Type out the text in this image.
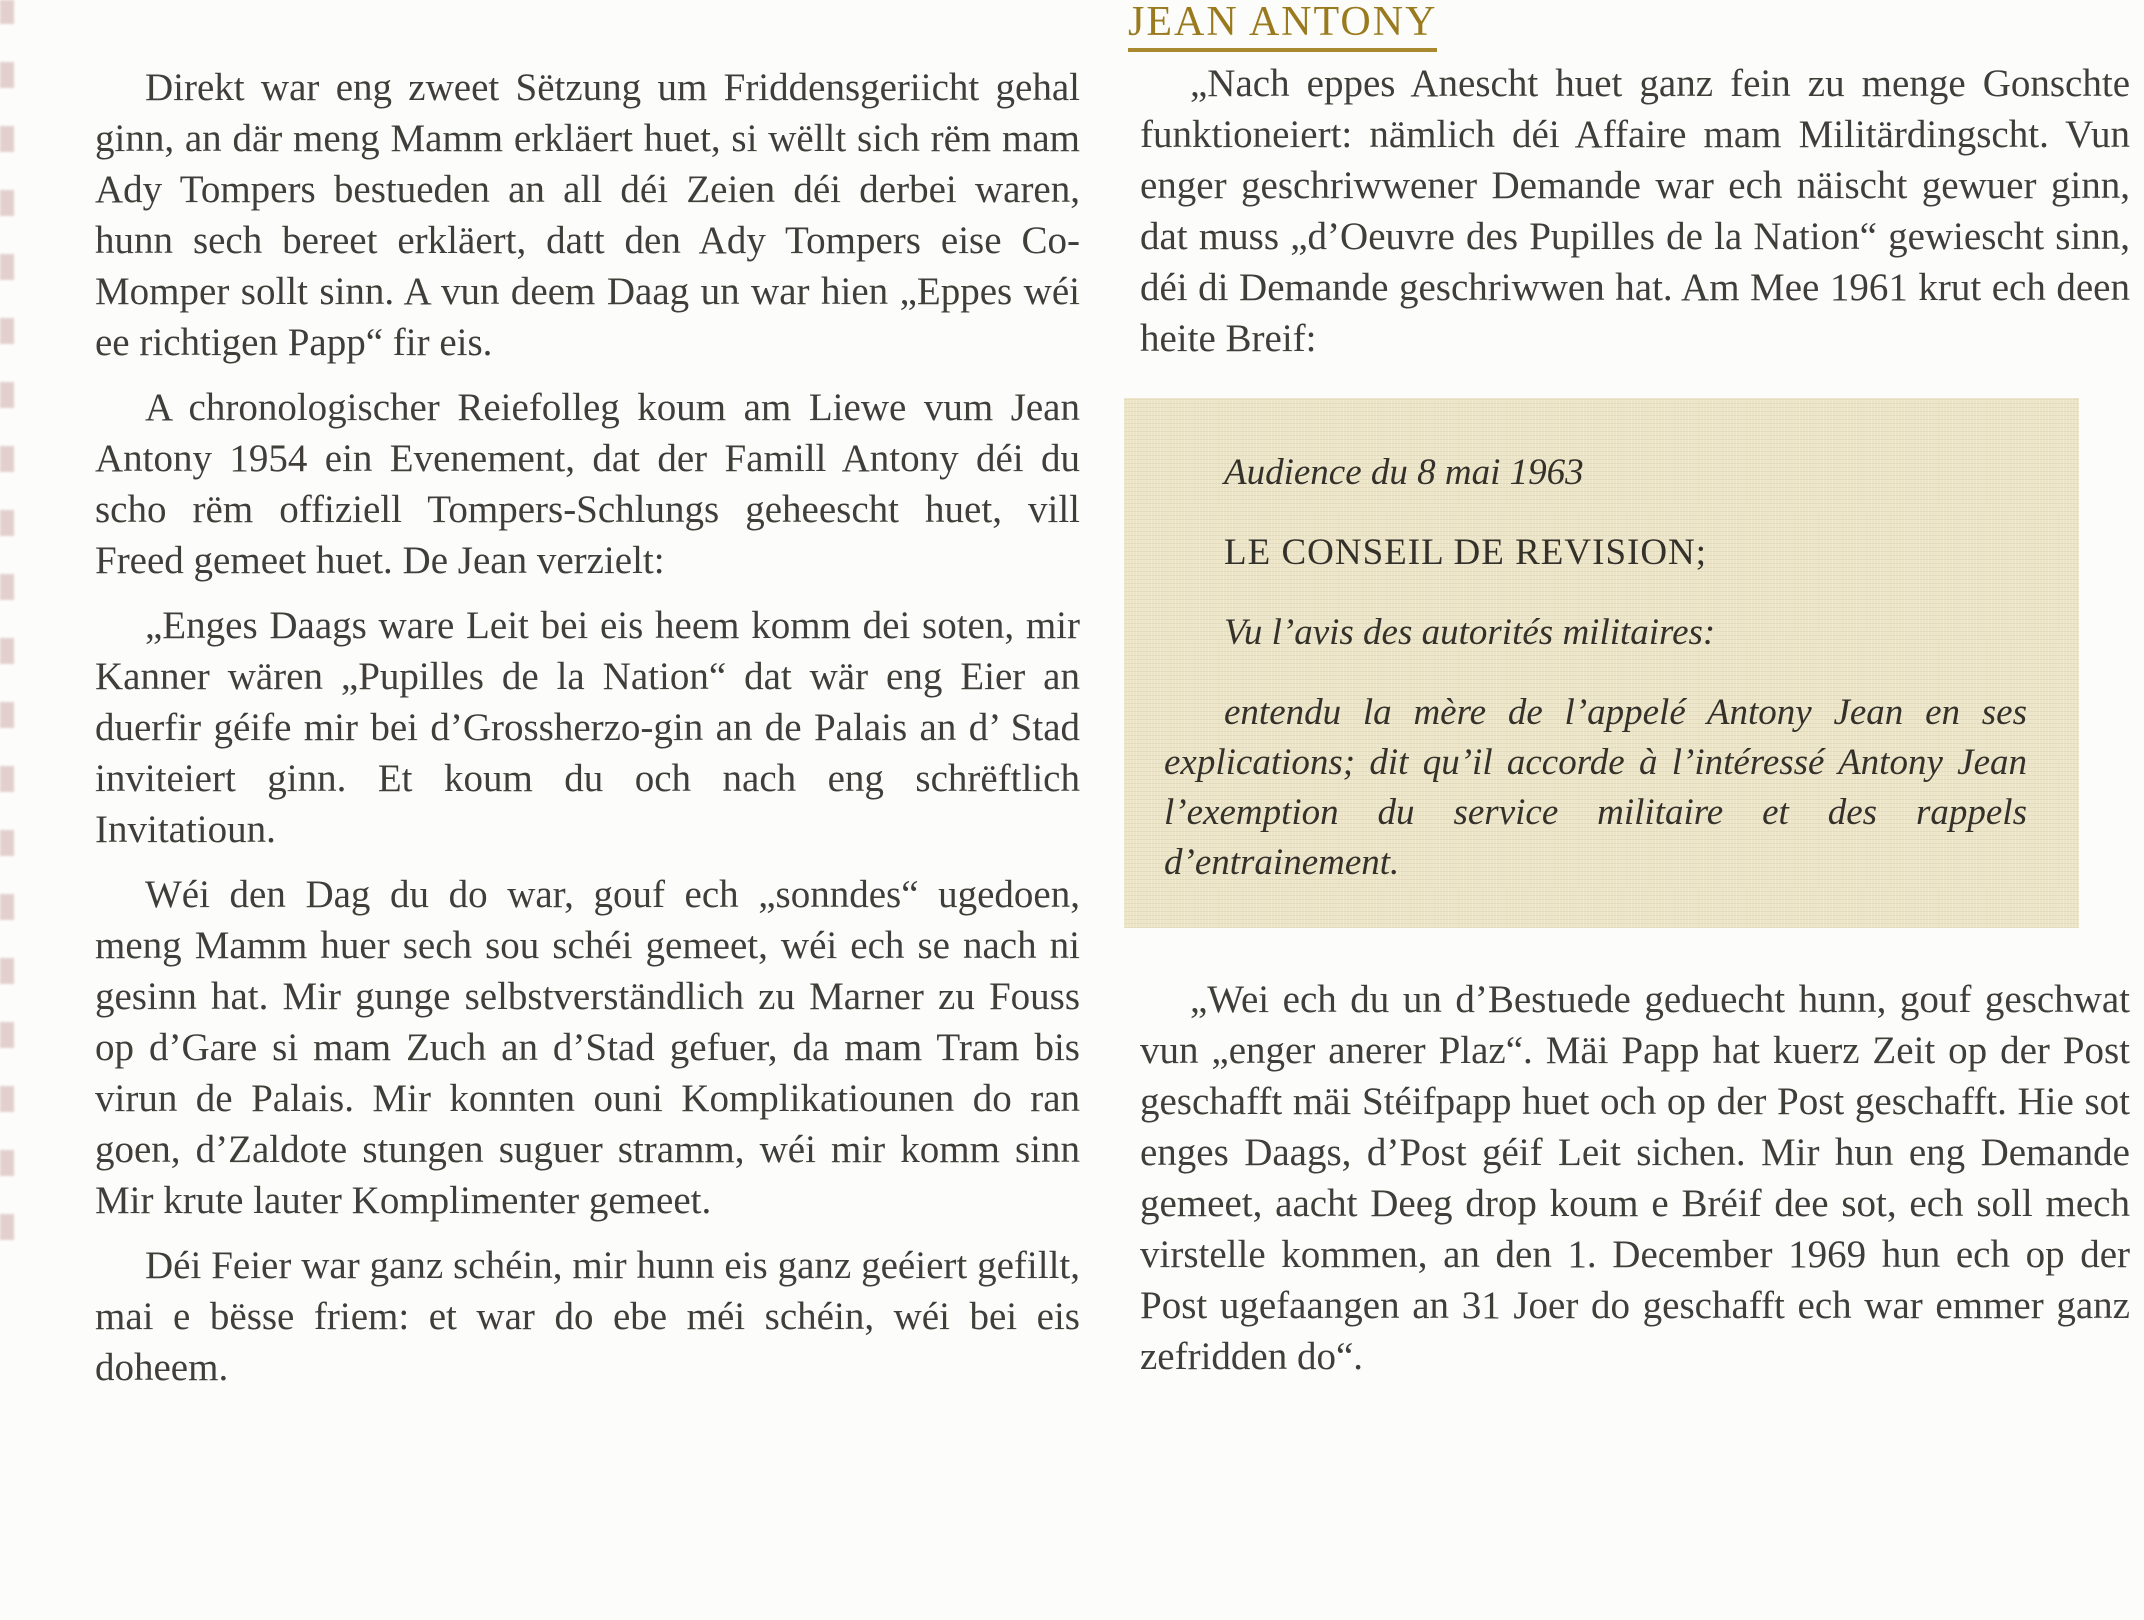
JEAN ANTONY

Direkt war eng zweet Sëtzung um Friddensgeriicht gehal ginn, an där meng Mamm erkläert huet, si wëllt sich rëm mam Ady Tompers bestueden an all déi Zeien déi derbei waren, hunn sech bereet erkläert, datt den Ady Tompers eise Co-Momper sollt sinn. A vun deem Daag un war hien „Eppes wéi ee richtigen Papp“ fir eis.

A chronologischer Reiefolleg koum am Liewe vum Jean Antony 1954 ein Evenement, dat der Famill Antony déi du scho rëm offiziell Tompers-Schlungs geheescht huet, vill Freed gemeet huet. De Jean verzielt:

„Enges Daags ware Leit bei eis heem komm dei soten, mir Kanner wären „Pupilles de la Nation“ dat wär eng Eier an duerfir géife mir bei d’Grossherzo-gin an de Palais an d’ Stad inviteiert ginn. Et koum du och nach eng schrëftlich Invitatioun.

Wéi den Dag du do war, gouf ech „sonndes“ ugedoen, meng Mamm huer sech sou schéi gemeet, wéi ech se nach ni gesinn hat. Mir gunge selbstverständlich zu Marner zu Fouss op d’Gare si mam Zuch an d’Stad gefuer, da mam Tram bis virun de Palais. Mir konnten ouni Komplikatiounen do ran goen, d’Zaldote stungen suguer stramm, wéi mir komm sinn Mir krute lauter Komplimenter gemeet.

Déi Feier war ganz schéin, mir hunn eis ganz geéiert gefillt, mai e bësse friem: et war do ebe méi schéin, wéi bei eis doheem.

„Nach eppes Anescht huet ganz fein zu menge Gonschte funktioneiert: nämlich déi Affaire mam Militärdingscht. Vun enger geschriwwener Demande war ech näischt gewuer ginn, dat muss „d’Oeuvre des Pupilles de la Nation“ gewiescht sinn, déi di Demande geschriwwen hat. Am Mee 1961 krut ech deen heite Breif:

Audience du 8 mai 1963

LE CONSEIL DE REVISION;

Vu l’avis des autorités militaires:

entendu la mère de l’appelé Antony Jean en ses explications; dit qu’il accorde à l’intéressé Antony Jean l’exemption du service militaire et des rappels d’entrainement.

„Wei ech du un d’Bestuede geduecht hunn, gouf geschwat vun „enger anerer Plaz“. Mäi Papp hat kuerz Zeit op der Post geschafft mäi Stéifpapp huet och op der Post geschafft. Hie sot enges Daags, d’Post géif Leit sichen. Mir hun eng Demande gemeet, aacht Deeg drop koum e Bréif dee sot, ech soll mech virstelle kommen, an den 1. December 1969 hun ech op der Post ugefaangen an 31 Joer do geschafft ech war emmer ganz zefridden do“.
